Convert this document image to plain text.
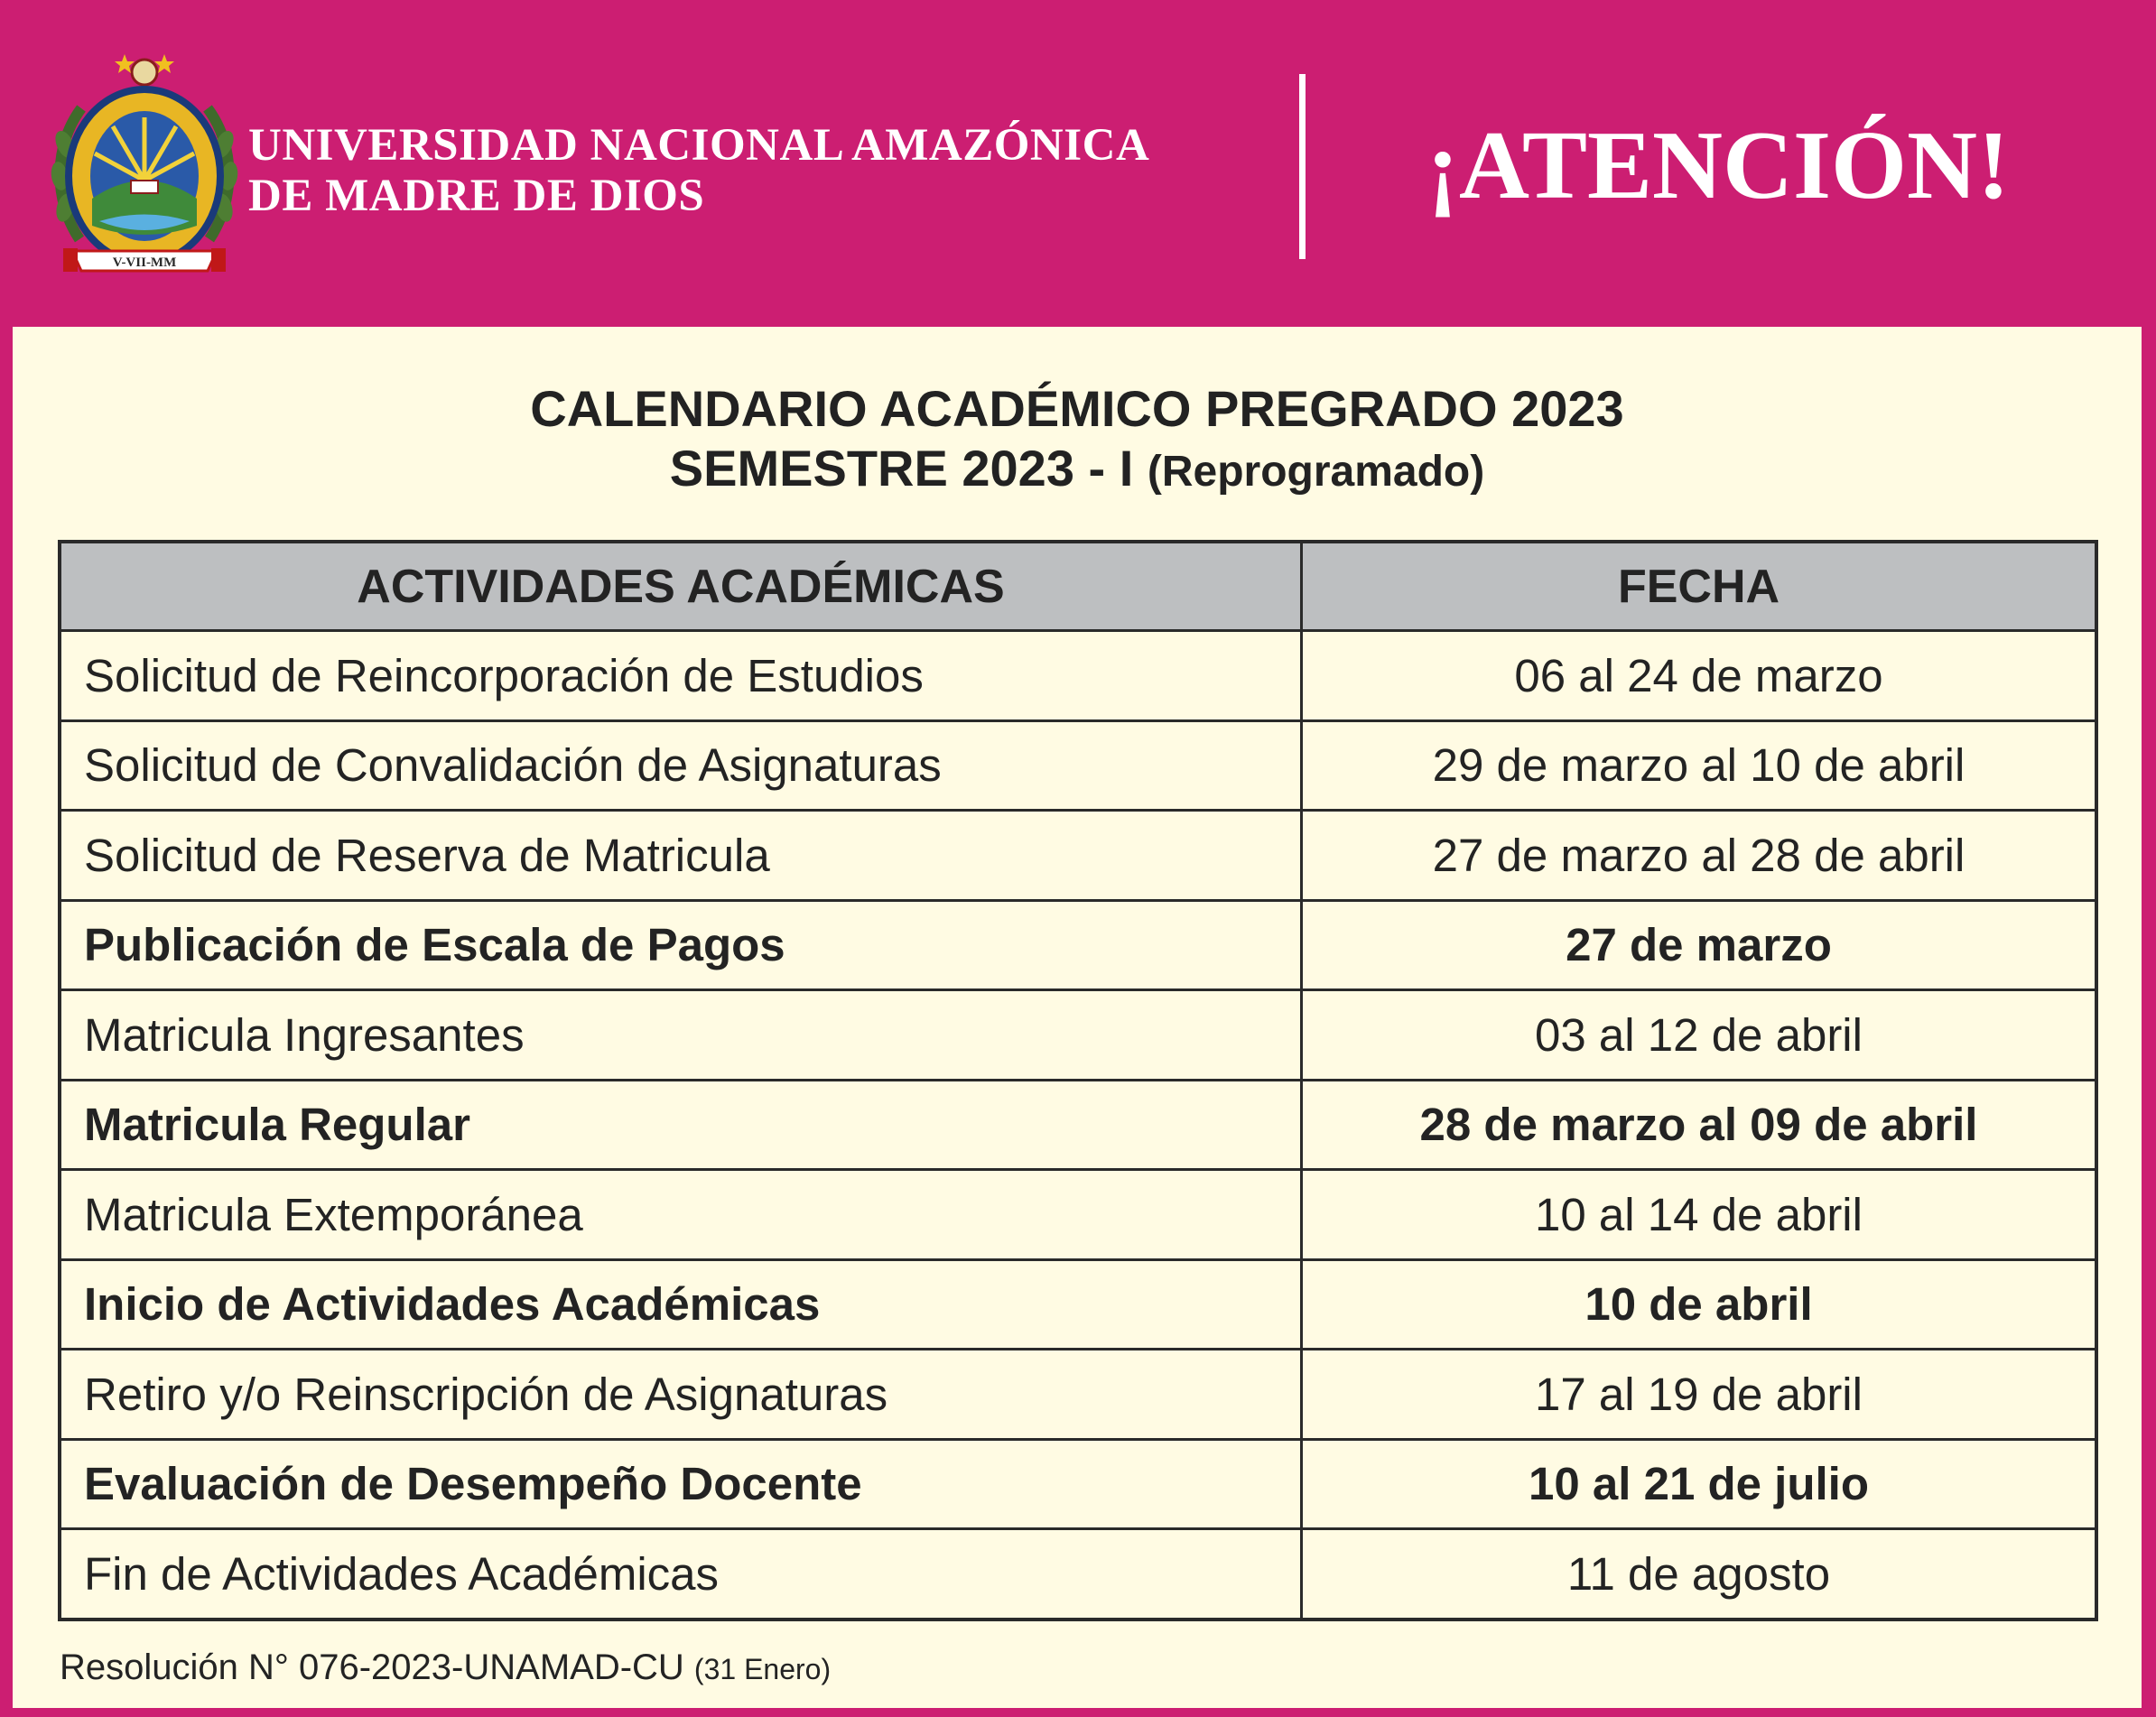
V-VII-MM
UNIVERSIDAD NACIONAL AMAZÓNICA
DE MADRE DE DIOS	¡ATENCIÓN!
CALENDARIO ACADÉMICO PREGRADO 2023
SEMESTRE 2023 - I (Reprogramado)
ACTIVIDADES ACADÉMICAS	FECHA
Solicitud de Reincorporación de Estudios	06 al 24 de marzo
Solicitud de Convalidación de Asignaturas	29 de marzo al 10 de abril
Solicitud de Reserva de Matricula	27 de marzo al 28 de abril
Publicación de Escala de Pagos	27 de marzo
Matricula Ingresantes	03 al 12 de abril
Matricula Regular	28 de marzo al 09 de abril
Matricula Extemporánea	10 al 14 de abril
Inicio de Actividades Académicas	10 de abril
Retiro y/o Reinscripción de Asignaturas	17 al 19 de abril
Evaluación de Desempeño Docente	10 al 21 de julio
Fin de Actividades Académicas	11 de agosto
Resolución N° 076-2023-UNAMAD-CU (31 Enero)
